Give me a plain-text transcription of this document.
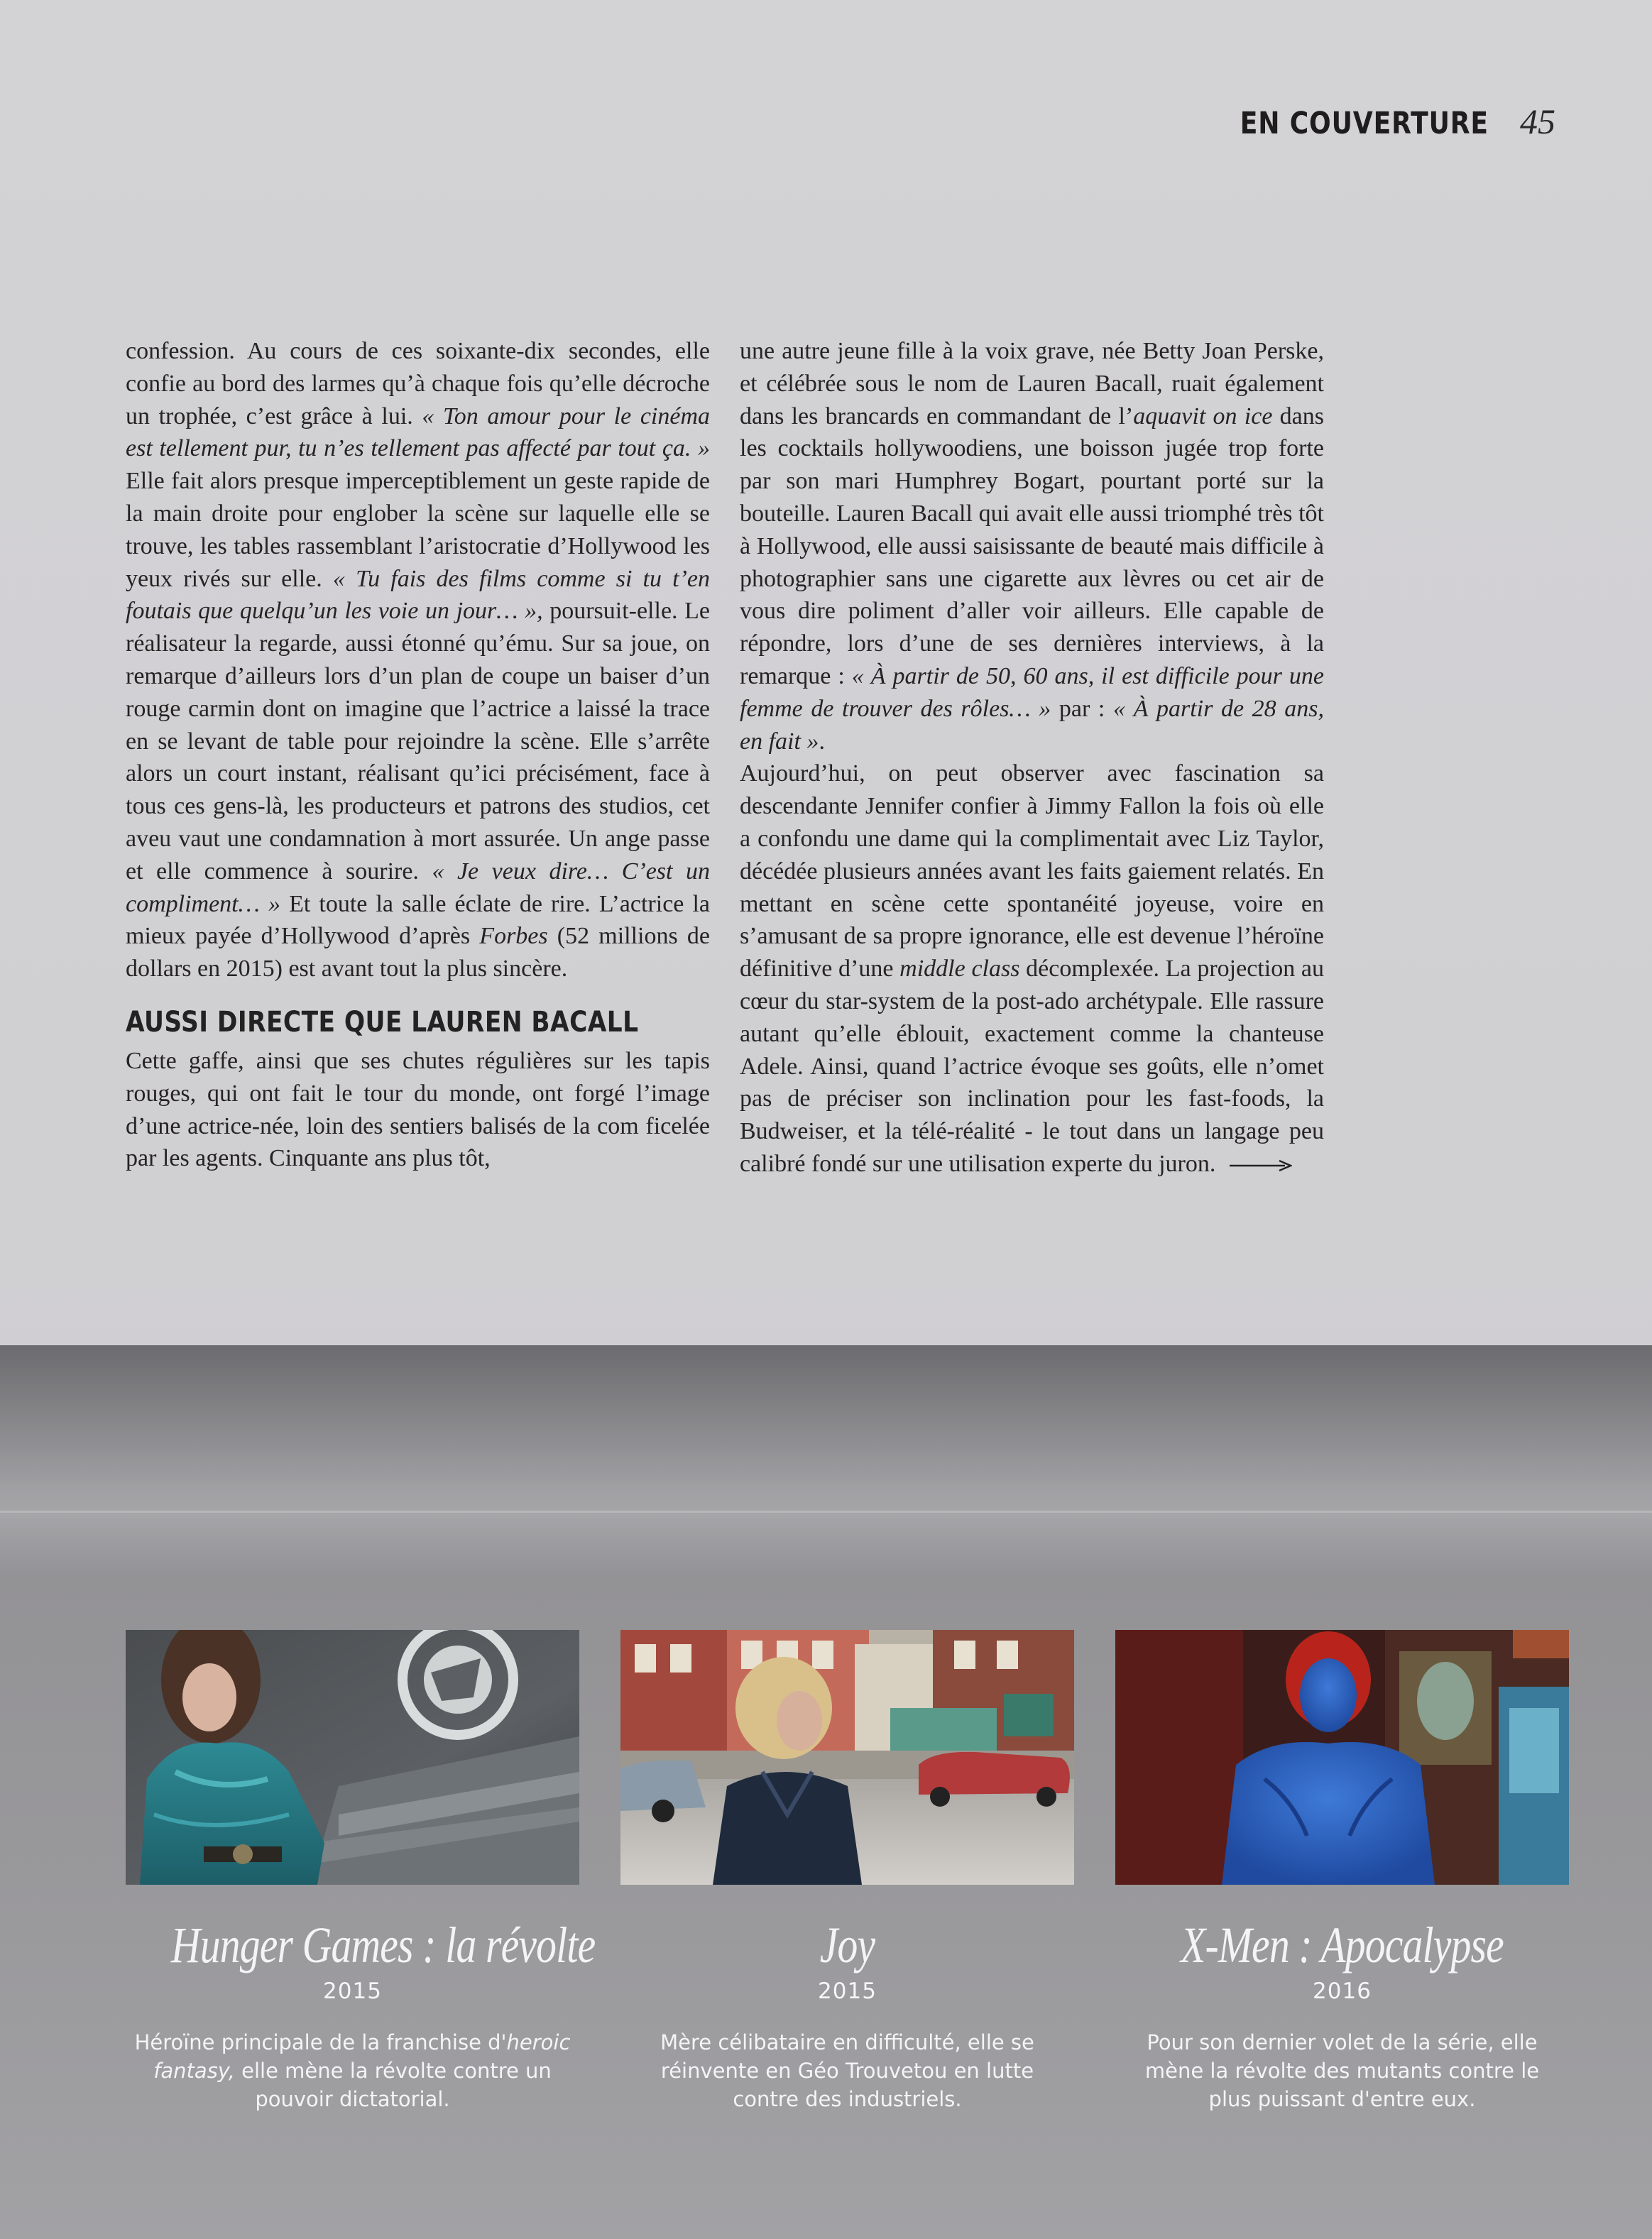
EN COUVERTURE 45

confession. Au cours de ces soixante-dix secondes, elle confie au bord des larmes qu’à chaque fois qu’elle décroche un trophée, c’est grâce à lui. « Ton amour pour le cinéma est tellement pur, tu n’es tellement pas affecté par tout ça. » Elle fait alors presque imperceptiblement un geste rapide de la main droite pour englober la scène sur laquelle elle se trouve, les tables rassemblant l’aristocratie d’Hollywood les yeux rivés sur elle. « Tu fais des films comme si tu t’en foutais que quelqu’un les voie un jour… », poursuit-elle. Le réalisateur la regarde, aussi étonné qu’ému. Sur sa joue, on remarque d’ailleurs lors d’un plan de coupe un baiser d’un rouge carmin dont on imagine que l’actrice a laissé la trace en se levant de table pour rejoindre la scène. Elle s’arrête alors un court instant, réalisant qu’ici précisément, face à tous ces gens-là, les producteurs et patrons des studios, cet aveu vaut une condamnation à mort assurée. Un ange passe et elle commence à sourire. « Je veux dire… C’est un compliment… » Et toute la salle éclate de rire. L’actrice la mieux payée d’Hollywood d’après Forbes (52 millions de dollars en 2015) est avant tout la plus sincère.

AUSSI DIRECTE QUE LAUREN BACALL

Cette gaffe, ainsi que ses chutes régulières sur les tapis rouges, qui ont fait le tour du monde, ont forgé l’image d’une actrice-née, loin des sentiers balisés de la com ficelée par les agents. Cinquante ans plus tôt,

une autre jeune fille à la voix grave, née Betty Joan Perske, et célébrée sous le nom de Lauren Bacall, ruait également dans les brancards en commandant de l’aquavit on ice dans les cocktails hollywoodiens, une boisson jugée trop forte par son mari Humphrey Bogart, pourtant porté sur la bouteille. Lauren Bacall qui avait elle aussi triomphé très tôt à Hollywood, elle aussi saisissante de beauté mais difficile à photographier sans une cigarette aux lèvres ou cet air de vous dire poliment d’aller voir ailleurs. Elle capable de répondre, lors d’une de ses dernières interviews, à la remarque : « À partir de 50, 60 ans, il est difficile pour une femme de trouver des rôles… » par : « À partir de 28 ans, en fait ».

Aujourd’hui, on peut observer avec fascination sa descendante Jennifer confier à Jimmy Fallon la fois où elle a confondu une dame qui la complimentait avec Liz Taylor, décédée plusieurs années avant les faits gaiement relatés. En mettant en scène cette spontanéité joyeuse, voire en s’amusant de sa propre ignorance, elle est devenue l’héroïne définitive d’une middle class décomplexée. La projection au cœur du star-system de la post-ado archétypale. Elle rassure autant qu’elle éblouit, exactement comme la chanteuse Adele. Ainsi, quand l’actrice évoque ses goûts, elle n’omet pas de préciser son inclination pour les fast-foods, la Budweiser, et la télé-réalité - le tout dans un langage peu calibré fondé sur une utilisation experte du juron.

Hunger Games : la révolte
2015
Héroïne principale de la franchise d'heroic fantasy, elle mène la révolte contre un pouvoir dictatorial.
Joy
2015
Mère célibataire en difficulté, elle se réinvente en Géo Trouvetou en lutte contre des industriels.
X-Men : Apocalypse
2016
Pour son dernier volet de la série, elle mène la révolte des mutants contre le plus puissant d'entre eux.
